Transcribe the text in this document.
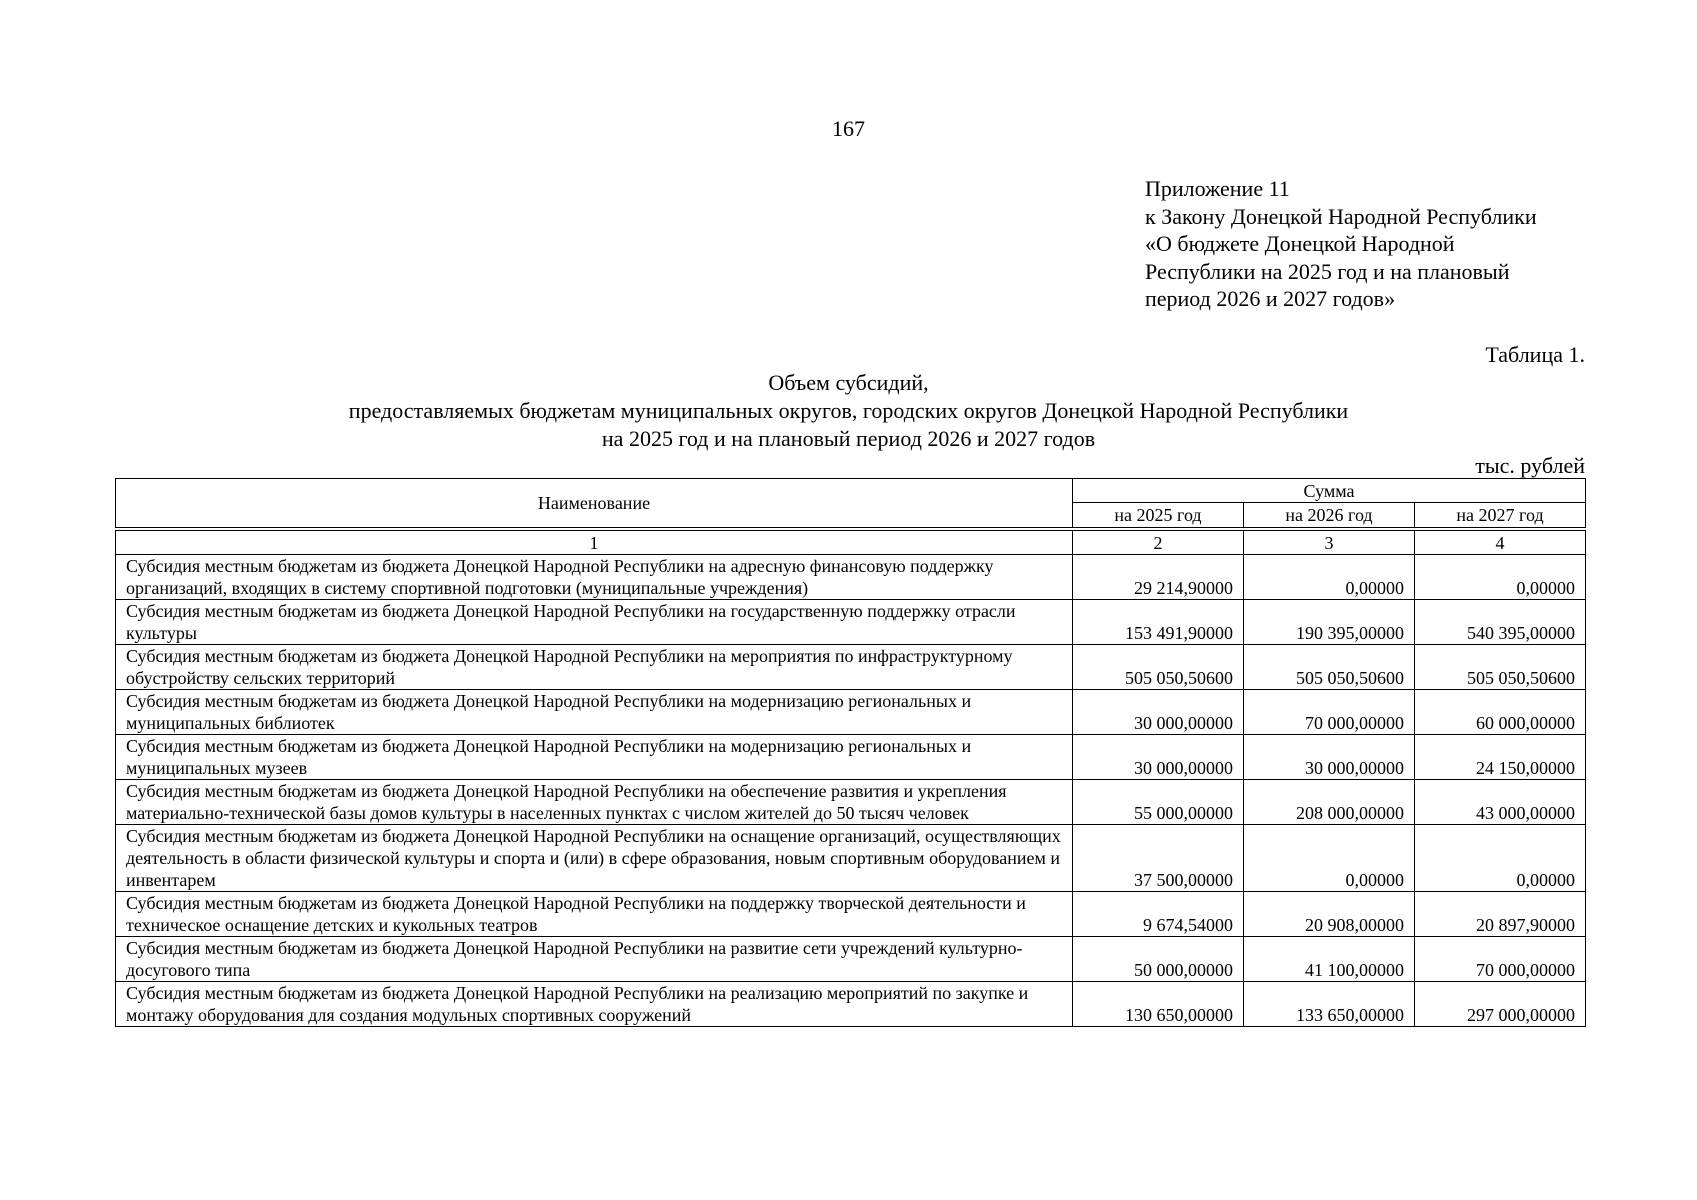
167
Приложение 11
к Закону Донецкой Народной Республики
«О бюджете Донецкой Народной
Республики на 2025 год и на плановый
период 2026 и 2027 годов»
Таблица 1.
Объем субсидий,
предоставляемых бюджетам муниципальных округов, городских округов Донецкой Народной Республики
на 2025 год и на плановый период 2026 и 2027 годов
тыс. рублей
Наименование	Сумма		
	на 2025 год	на 2026 год	на 2027 год
1	2	3	4
Субсидия местным бюджетам из бюджета Донецкой Народной Республики на адресную финансовую поддержку организаций, входящих в систему спортивной подготовки (муниципальные учреждения)	29 214,90000	0,00000	0,00000
Субсидия местным бюджетам из бюджета Донецкой Народной Республики на государственную поддержку отрасли культуры	153 491,90000	190 395,00000	540 395,00000
Субсидия местным бюджетам из бюджета Донецкой Народной Республики на мероприятия по инфраструктурному обустройству сельских территорий	505 050,50600	505 050,50600	505 050,50600
Субсидия местным бюджетам из бюджета Донецкой Народной Республики на модернизацию региональных и муниципальных библиотек	30 000,00000	70 000,00000	60 000,00000
Субсидия местным бюджетам из бюджета Донецкой Народной Республики на модернизацию региональных и муниципальных музеев	30 000,00000	30 000,00000	24 150,00000
Субсидия местным бюджетам из бюджета Донецкой Народной Республики на обеспечение развития и укрепления материально-технической базы домов культуры в населенных пунктах с числом жителей до 50 тысяч человек	55 000,00000	208 000,00000	43 000,00000
Субсидия местным бюджетам из бюджета Донецкой Народной Республики на оснащение организаций, осуществляющих деятельность в области физической культуры и спорта и (или) в сфере образования, новым спортивным оборудованием и инвентарем	37 500,00000	0,00000	0,00000
Субсидия местным бюджетам из бюджета Донецкой Народной Республики на поддержку творческой деятельности и техническое оснащение детских и кукольных театров	9 674,54000	20 908,00000	20 897,90000
Субсидия местным бюджетам из бюджета Донецкой Народной Республики на развитие сети учреждений культурно-досугового типа	50 000,00000	41 100,00000	70 000,00000
Субсидия местным бюджетам из бюджета Донецкой Народной Республики на реализацию мероприятий по закупке и монтажу оборудования для создания модульных спортивных сооружений	130 650,00000	133 650,00000	297 000,00000
